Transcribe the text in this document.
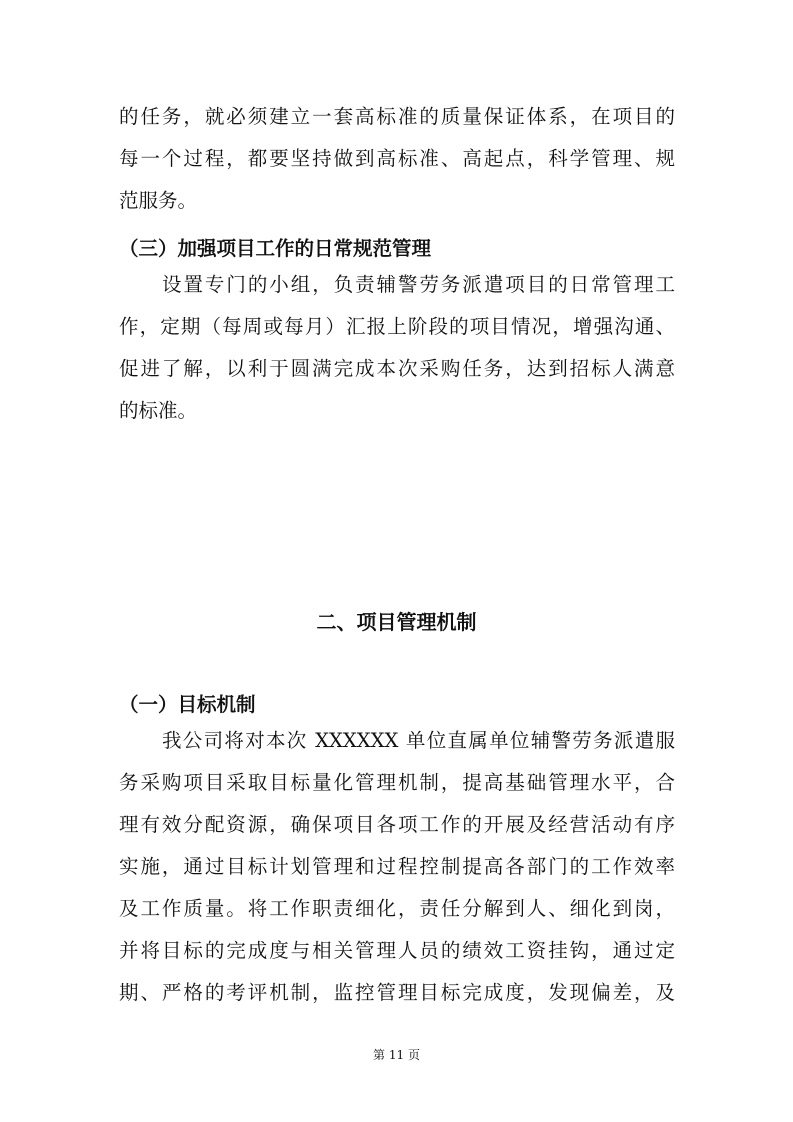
的任务，就必须建立一套高标准的质量保证体系，在项目的
每一个过程，都要坚持做到高标准、高起点，科学管理、规
范服务。
（三）加强项目工作的日常规范管理
设置专门的小组，负责辅警劳务派遣项目的日常管理工
作，定期（每周或每月）汇报上阶段的项目情况，增强沟通、
促进了解，以利于圆满完成本次采购任务，达到招标人满意
的标准。
二、项目管理机制
（一）目标机制
我公司将对本次 XXXXXX 单位直属单位辅警劳务派遣服
务采购项目采取目标量化管理机制，提高基础管理水平，合
理有效分配资源，确保项目各项工作的开展及经营活动有序
实施，通过目标计划管理和过程控制提高各部门的工作效率
及工作质量。将工作职责细化，责任分解到人、细化到岗，
并将目标的完成度与相关管理人员的绩效工资挂钩，通过定
期、严格的考评机制，监控管理目标完成度，发现偏差，及
第 11 页
